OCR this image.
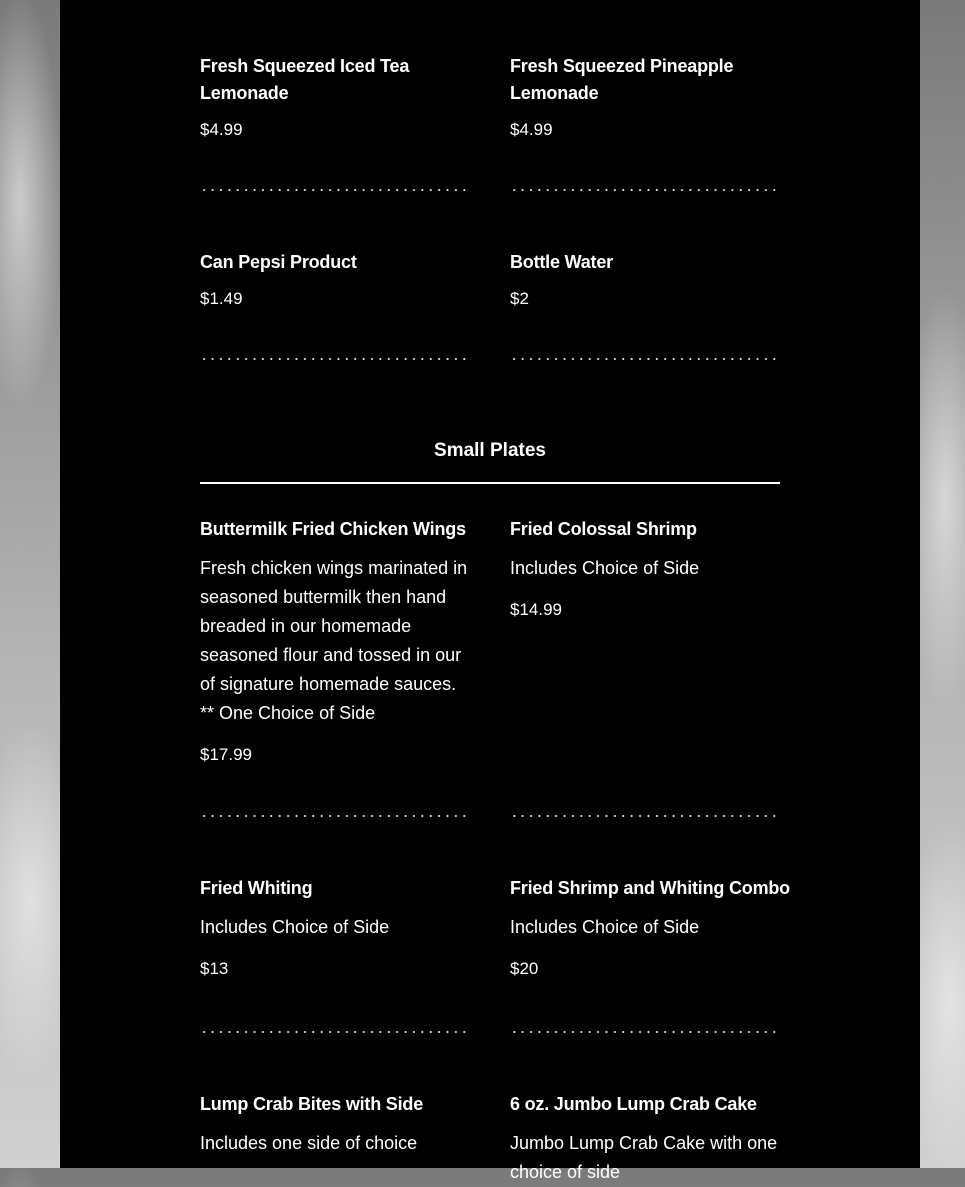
Fresh Squeezed Iced Tea Lemonade

$4.99

Fresh Squeezed Pineapple Lemonade

$4.99

Can Pepsi Product

$1.49

Bottle Water

$2

Small Plates

Buttermilk Fried Chicken Wings

Fresh chicken wings marinated in seasoned buttermilk then hand breaded in our homemade seasoned flour and tossed in our of signature homemade sauces. ** One Choice of Side

$17.99

Fried Colossal Shrimp

Includes Choice of Side

$14.99

Fried Whiting

Includes Choice of Side

$13

Fried Shrimp and Whiting Combo

Includes Choice of Side

$20

Lump Crab Bites with Side

Includes one side of choice

6 oz. Jumbo Lump Crab Cake

Jumbo Lump Crab Cake with one choice of side
